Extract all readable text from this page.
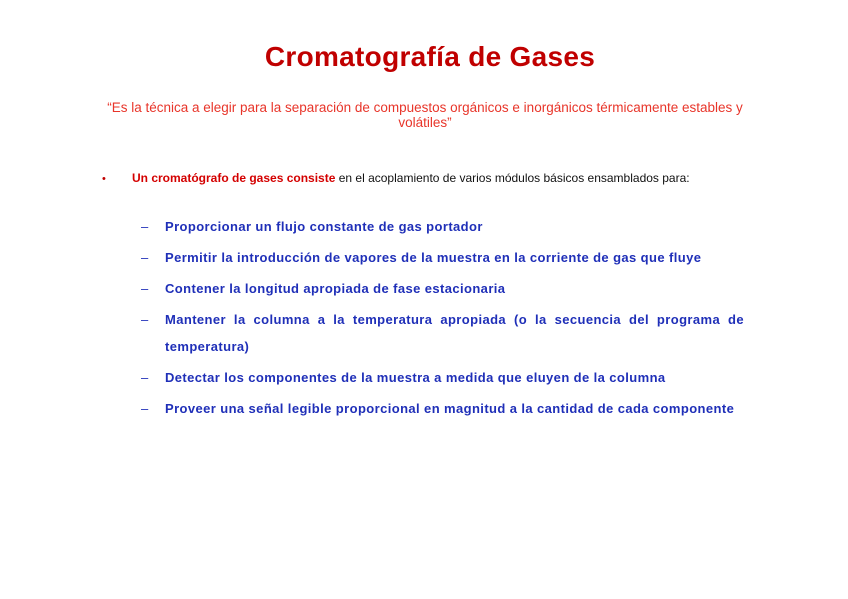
Cromatografía de Gases

“Es la técnica a elegir para la separación de compuestos orgánicos e inorgánicos térmicamente estables y volátiles”

•	Un cromatógrafo de gases consiste en el acoplamiento de varios módulos básicos ensamblados para:

–	Proporcionar un flujo constante de gas portador
–	Permitir la introducción de vapores de la muestra en la corriente de gas que fluye
–	Contener la longitud apropiada de fase estacionaria
–	Mantener la columna a la temperatura apropiada (o la secuencia del programa de temperatura)
–	Detectar los componentes de la muestra a medida que eluyen de la columna
–	Proveer una señal legible proporcional en magnitud a la cantidad de cada componente
